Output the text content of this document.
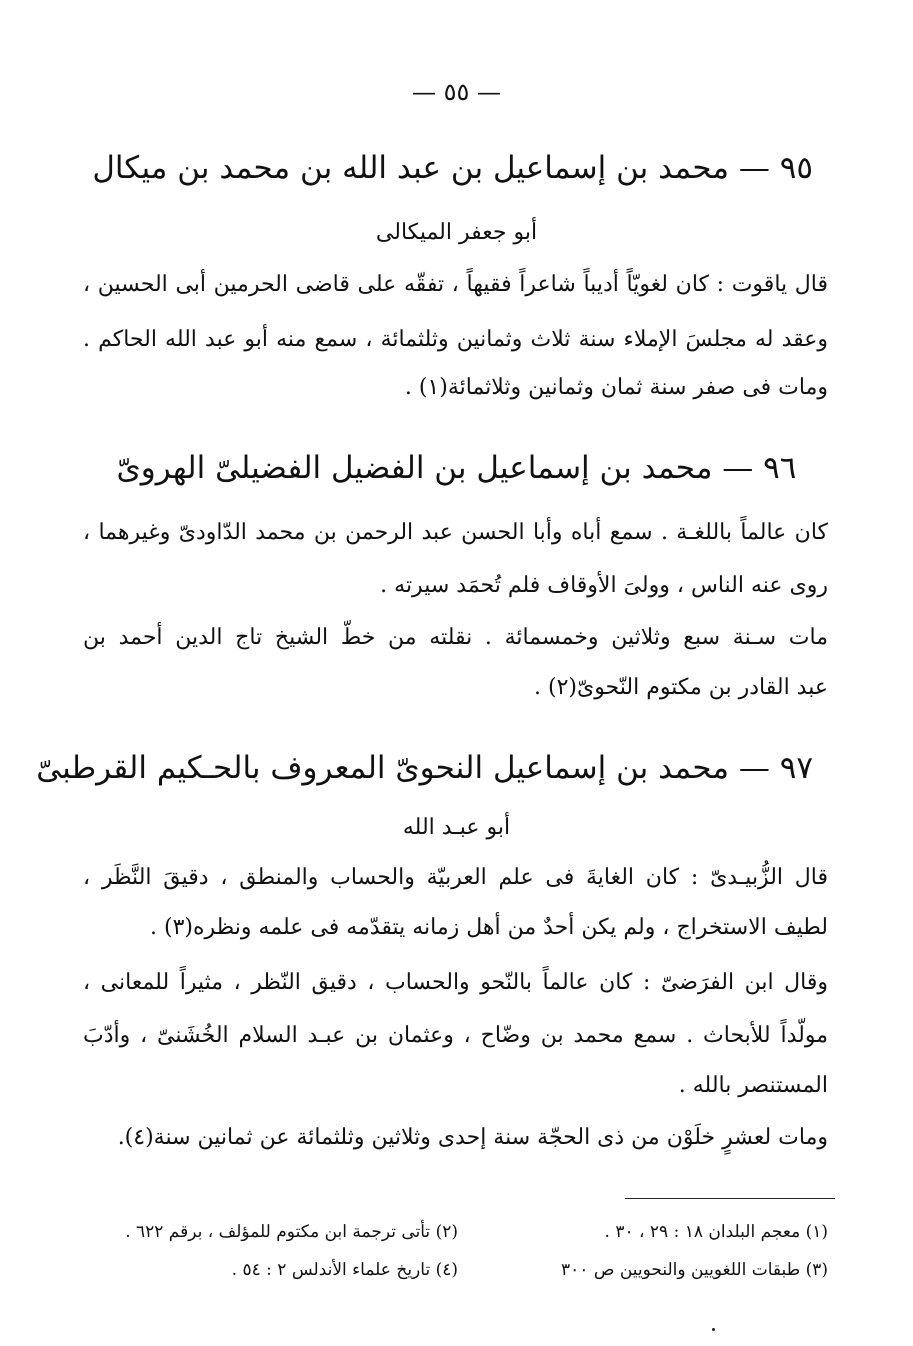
— ٥٥ —
٩٥ — محمد بن إسماعيل بن عبد الله بن محمد بن ميكال
أبو جعفر الميكالى
قال ياقوت : كان لغويّاً أديباً شاعراً فقيهاً ، تفقّه على قاضى الحرمين أبى الحسين ،
وعقد له مجلسَ الإملاء سنة ثلاث وثمانين وثلثمائة ، سمع منه أبو عبد الله الحاكم .
ومات فى صفر سنة ثمان وثمانين وثلاثمائة(١) .
٩٦ — محمد بن إسماعيل بن الفضيل الفضيلىّ الهروىّ
كان عالماً باللغـة . سمع أباه وأبا الحسن عبد الرحمن بن محمد الدّاودىّ وغيرهما ،
روى عنه الناس ، وولىَ الأوقاف فلم تُحمَد سيرته .
مات سـنة سبع وثلاثين وخمسمائة . نقلته من خطّ الشيخ تاج الدين أحمد بن
عبد القادر بن مكتوم النّحوىّ(٢) .
٩٧ — محمد بن إسماعيل النحوىّ المعروف بالحـكيم القرطبىّ
أبو عبـد الله
قال الزُّبيـدىّ : كان الغايةَ فى علم العربيّة والحساب والمنطق ، دقيقَ النَّظَر ،
لطيف الاستخراج ، ولم يكن أحدٌ من أهل زمانه يتقدّمه فى علمه ونظره(٣) .
وقال ابن الفرَضىّ : كان عالماً بالنّحو والحساب ، دقيق النّظر ، مثيراً للمعانى ،
مولّداً للأبحاث . سمع محمد بن وضّاح ، وعثمان بن عبـد السلام الخُشَنىّ ، وأدّبَ
المستنصر بالله .
ومات لعشرٍ خلَوْن من ذى الحجّة سنة إحدى وثلاثين وثلثمائة عن ثمانين سنة(٤).
(١) معجم البلدان ١٨ : ٢٩ ، ٣٠ .
(٢) تأتى ترجمة ابن مكتوم للمؤلف ، برقم ٦٢٢ .
(٣) طبقات اللغويين والنحويين ص ٣٠٠
(٤) تاريخ علماء الأندلس ٢ : ٥٤ .
